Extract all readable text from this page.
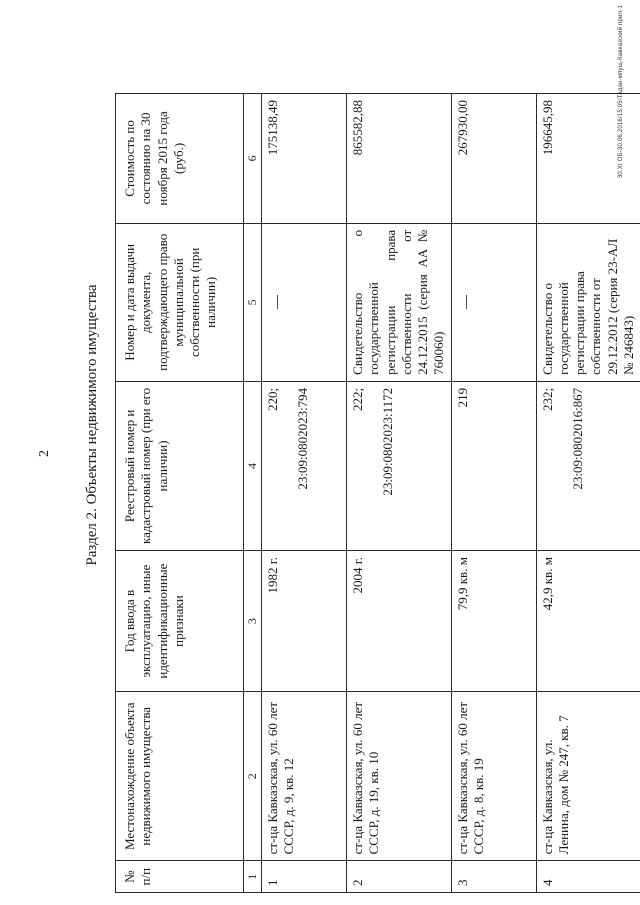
2 Раздел 2. Объекты недвижимого имущества
№ п/п	Местонахождение объекта недвижимого имущества	Год ввода в эксплуатацию, иные идентификационные признаки	Реестровый номер и кадастровый номер (при его наличии)	Номер и дата выдачи документа, подтверждающего право муниципальной собственности (при наличии)	Стоимость по состоянию на 30 ноября 2015 года (руб.)
1	2	3	4	5	6
1	ст-ца Кавказская, ул. 60 лет СССР, д. 9, кв. 12	1982 г.	220; 23:09:0802023:794		175138,49
2	ст-ца Кавказская, ул. 60 лет СССР, д. 19, кв. 10	2004 г.	222; 23:09:0802023:1172	Свидетельство о государственной регистрации права собственности от 24.12.2015 (серия АА № 760060)	865582,88
3	ст-ца Кавказская, ул. 60 лет СССР, д. 8, кв. 19	79,9 кв. м	219		267930,00
4	ст-ца Кавказская, ул. Ленина, дом № 247, кв. 7	42,9 кв. м	232; 23:09:0802016:867	Свидетельство о государственной регистрации права собственности от 29.12.2012 (серия 23-АЛ № 246843)	196645,98	30.XI ОБ-30.06.2016/15:05\Тадан-мпущ-Кавказский прил-1
